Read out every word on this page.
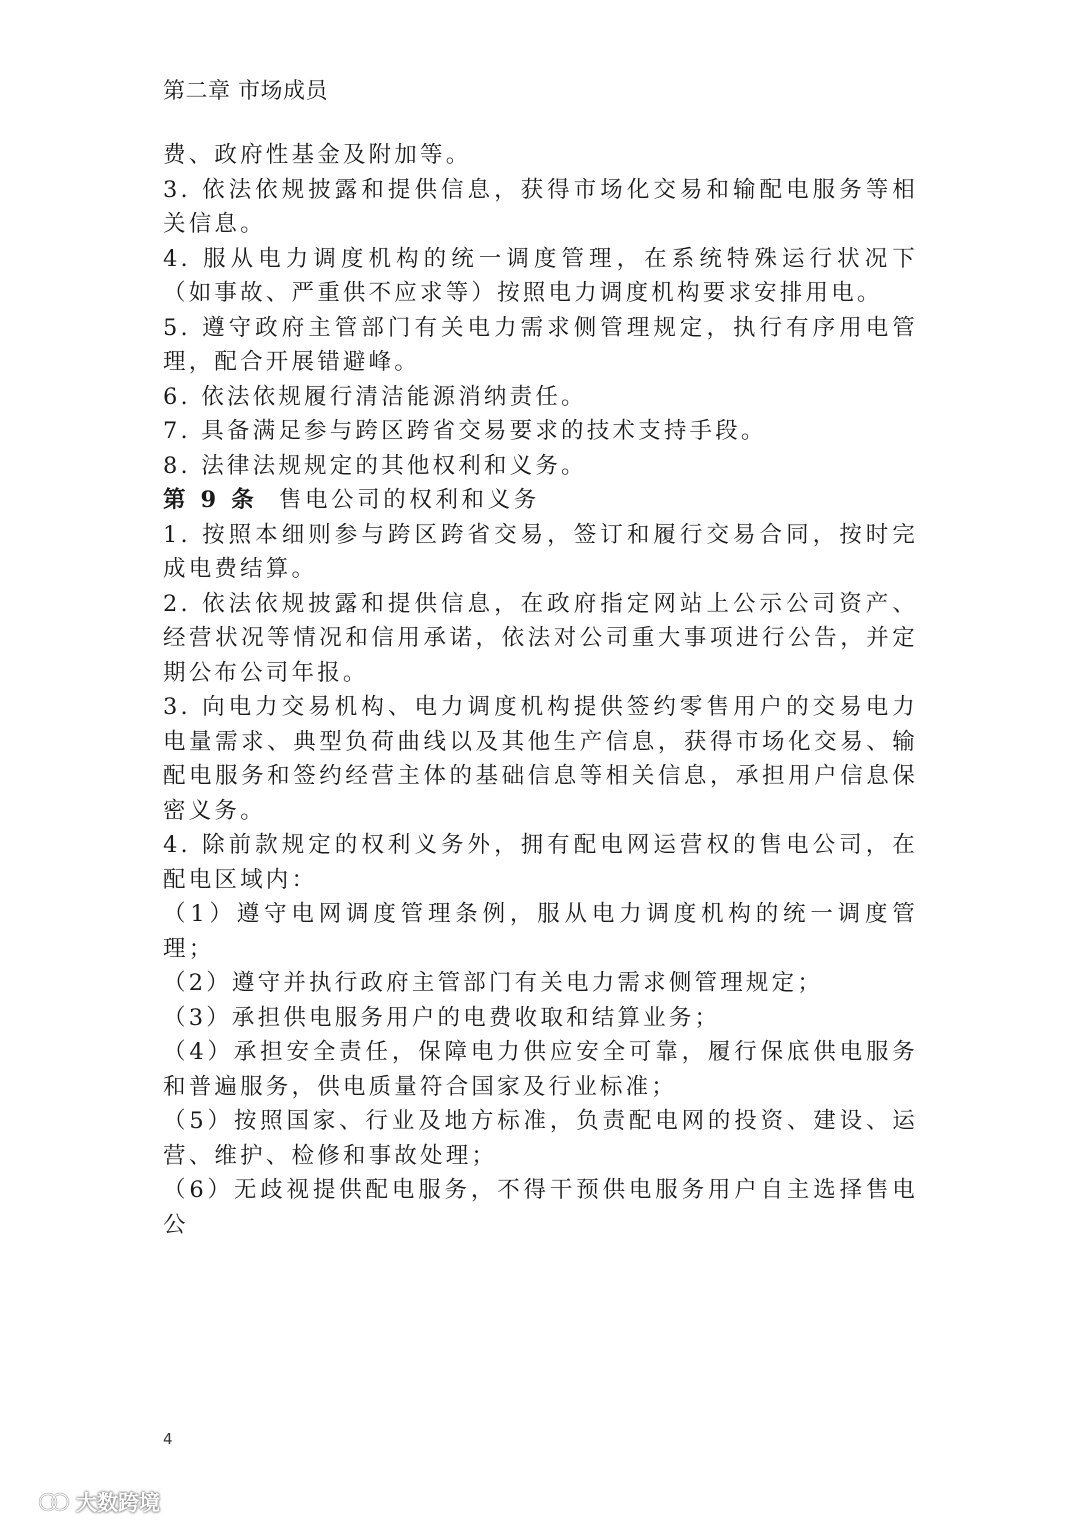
第二章 市场成员

费、政府性基金及附加等。

3. 依法依规披露和提供信息，获得市场化交易和输配电服务等相关信息。

4. 服从电力调度机构的统一调度管理，在系统特殊运行状况下（如事故、严重供不应求等）按照电力调度机构要求安排用电。

5. 遵守政府主管部门有关电力需求侧管理规定，执行有序用电管理，配合开展错避峰。

6. 依法依规履行清洁能源消纳责任。

7. 具备满足参与跨区跨省交易要求的技术支持手段。

8. 法律法规规定的其他权利和义务。

第 9 条 售电公司的权利和义务

1. 按照本细则参与跨区跨省交易，签订和履行交易合同，按时完成电费结算。

2. 依法依规披露和提供信息，在政府指定网站上公示公司资产、经营状况等情况和信用承诺，依法对公司重大事项进行公告，并定期公布公司年报。

3. 向电力交易机构、电力调度机构提供签约零售用户的交易电力电量需求、典型负荷曲线以及其他生产信息，获得市场化交易、输配电服务和签约经营主体的基础信息等相关信息，承担用户信息保密义务。

4. 除前款规定的权利义务外，拥有配电网运营权的售电公司，在配电区域内：

（1）遵守电网调度管理条例，服从电力调度机构的统一调度管理；

（2）遵守并执行政府主管部门有关电力需求侧管理规定；

（3）承担供电服务用户的电费收取和结算业务；

（4）承担安全责任，保障电力供应安全可靠，履行保底供电服务和普遍服务，供电质量符合国家及行业标准；

（5）按照国家、行业及地方标准，负责配电网的投资、建设、运营、维护、检修和事故处理；

（6）无歧视提供配电服务，不得干预供电服务用户自主选择售电公

4
大数跨境
